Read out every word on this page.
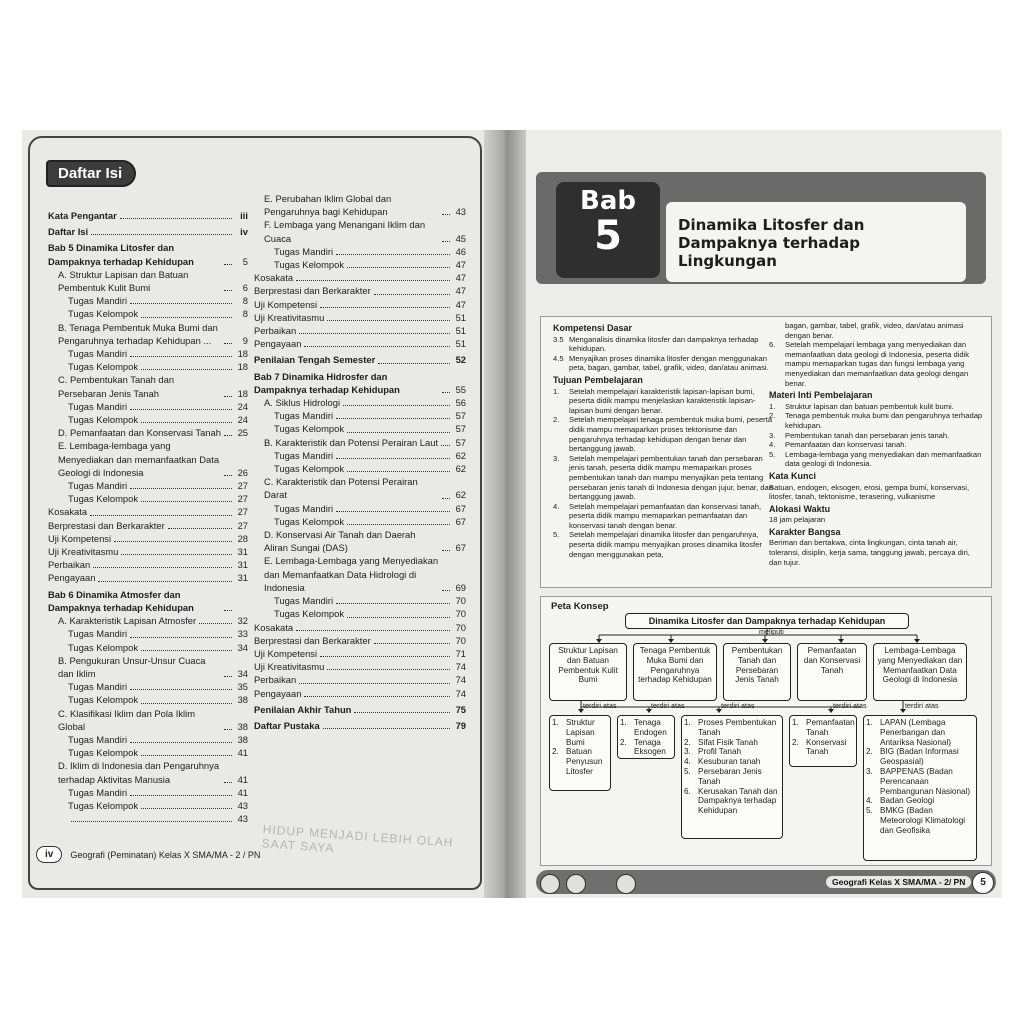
Daftar Isi
Kata Pengantar	iii
Daftar Isi	iv
Bab 5 Dinamika Litosfer dan Dampaknya terhadap Kehidupan	5
A. Struktur Lapisan dan Batuan Pembentuk Kulit Bumi	6
Tugas Mandiri	8
Tugas Kelompok	8
B. Tenaga Pembentuk Muka Bumi dan Pengaruhnya terhadap Kehidupan ...	9
Tugas Mandiri	18
Tugas Kelompok	18
C. Pembentukan Tanah dan Persebaran Jenis Tanah	18
Tugas Mandiri	24
Tugas Kelompok	24
D. Pemanfaatan dan Konservasi Tanah	25
E. Lembaga-lembaga yang Menyediakan dan memanfaatkan Data Geologi di Indonesia	26
Tugas Mandiri	27
Tugas Kelompok	27
Kosakata	27
Berprestasi dan Berkarakter	27
Uji Kompetensi	28
Uji Kreativitasmu	31
Perbaikan	31
Pengayaan	31
Bab 6 Dinamika Atmosfer dan Dampaknya terhadap Kehidupan
A. Karakteristik Lapisan Atmosfer	32
Tugas Mandiri	33
Tugas Kelompok	34
B. Pengukuran Unsur-Unsur Cuaca dan Iklim	34
Tugas Mandiri	35
Tugas Kelompok	38
C. Klasifikasi Iklim dan Pola Iklim Global	38
Tugas Mandiri	38
Tugas Kelompok	41
D. Iklim di Indonesia dan Pengaruhnya terhadap Aktivitas Manusia	41
Tugas Mandiri	41
Tugas Kelompok	43
43
E. Perubahan Iklim Global dan Pengaruhnya bagi Kehidupan	43
F. Lembaga yang Menangani Iklim dan Cuaca	45
Tugas Mandiri	46
Tugas Kelompok	47
Kosakata	47
Berprestasi dan Berkarakter	47
Uji Kompetensi	47
Uji Kreativitasmu	51
Perbaikan	51
Pengayaan	51
Penilaian Tengah Semester	52
Bab 7 Dinamika Hidrosfer dan Dampaknya terhadap Kehidupan	55
A. Siklus Hidrologi	56
Tugas Mandiri	57
Tugas Kelompok	57
B. Karakteristik dan Potensi Perairan Laut	57
Tugas Mandiri	62
Tugas Kelompok	62
C. Karakteristik dan Potensi Perairan Darat	62
Tugas Mandiri	67
Tugas Kelompok	67
D. Konservasi Air Tanah dan Daerah Aliran Sungai (DAS)	67
E. Lembaga-Lembaga yang Menyediakan dan Memanfaatkan Data Hidrologi di Indonesia	69
Tugas Mandiri	70
Tugas Kelompok	70
Kosakata	70
Berprestasi dan Berkarakter	70
Uji Kompetensi	71
Uji Kreativitasmu	74
Perbaikan	74
Pengayaan	74
Penilaian Akhir Tahun	75
Daftar Pustaka	79
HIDUP MENJADI LEBIH OLAH SAAT SAYA
iv	Geografi (Peminatan) Kelas X SMA/MA - 2 / PN
Bab
5	Dinamika Litosfer dan Dampaknya terhadap Lingkungan
Kompetensi Dasar
3.5 Menganalisis dinamika litosfer dan dampaknya terhadap kehidupan.
4.5 Menyajikan proses dinamika litosfer dengan menggunakan peta, bagan, gambar, tabel, grafik, video, dan/atau animasi.
Tujuan Pembelajaran
1.	Setelah mempelajari karakteristik lapisan-lapisan bumi, peserta didik mampu menjelaskan karakteristik lapisan-lapisan bumi dengan benar.
2.	Setelah mempelajari tenaga pembentuk muka bumi, peserta didik mampu memaparkan proses tektonisme dan pengaruhnya terhadap kehidupan dengan benar dan bertanggung jawab.
3.	Setelah mempelajari pembentukan tanah dan persebaran jenis tanah, peserta didik mampu memaparkan proses pembentukan tanah dan mampu menyajikan peta tentang persebaran jenis tanah di Indonesia dengan jujur, benar, dan bertanggung jawab.
4.	Setelah mempelajari pemanfaatan dan konservasi tanah, peserta didik mampu memaparkan pemanfaatan dan konservasi tanah dengan benar.
5.	Setelah mempelajari dinamika litosfer dan pengaruhnya, peserta didik mampu menyajikan proses dinamika litosfer dengan menggunakan peta,
bagan, gambar, tabel, grafik, video, dan/atau animasi dengan benar.
6.	Setelah mempelajari lembaga yang menyediakan dan memanfaatkan data geologi di Indonesia, peserta didik mampu memaparkan tugas dan fungsi lembaga yang menyediakan dan memanfaatkan data geologi dengan benar.
Materi Inti Pembelajaran
1.	Struktur lapisan dan batuan pembentuk kulit bumi.
2.	Tenaga pembentuk muka bumi dan pengaruhnya terhadap kehidupan.
3.	Pembentukan tanah dan persebaran jenis tanah.
4.	Pemanfaatan dan konservasi tanah.
5.	Lembaga-lembaga yang menyediakan dan memanfaatkan data geologi di Indonesia.
Kata Kunci
Batuan, endogen, eksogen, erosi, gempa bumi, konservasi, litosfer, tanah, tektonisme, terasering, vulkanisme
Alokasi Waktu
18 jam pelajaran
Karakter Bangsa
Beriman dan bertakwa, cinta lingkungan, cinta tanah air, toleransi, disiplin, kerja sama, tanggung jawab, percaya diri, dan tujur.
Peta Konsep
Dinamika Litosfer dan Dampaknya terhadap Kehidupan
meliputi
Struktur Lapisan dan Batuan Pembentuk Kulit Bumi
Tenaga Pembentuk Muka Bumi dan Pengaruhnya terhadap Kehidupan
Pembentukan Tanah dan Persebaran Jenis Tanah
Pemanfaatan dan Konservasi Tanah
Lembaga-Lembaga yang Menyediakan dan Memanfaatkan Data Geologi di Indonesia
terdiri atas	terdiri atas	terdiri atas	terdiri atas	terdiri atas
1. Struktur Lapisan Bumi
2. Batuan Penyusun Litosfer
1. Tenaga Endogen
2. Tenaga Eksogen
1. Proses Pembentukan Tanah
2. Sifat Fisik Tanah
3. Profil Tanah
4. Kesuburan tanah
5. Persebaran Jenis Tanah
6. Kerusakan Tanah dan Dampaknya terhadap Kehidupan
1. Pemanfaatan Tanah
2. Konservasi Tanah
1. LAPAN (Lembaga Penerbangan dan Antariksa Nasional)
2. BIG (Badan Informasi Geospasial)
3. BAPPENAS (Badan Perencanaan Pembangunan Nasional)
4. Badan Geologi
5. BMKG (Badan Meteorologi Klimatologi dan Geofisika
Geografi Kelas X SMA/MA - 2/ PN	5
